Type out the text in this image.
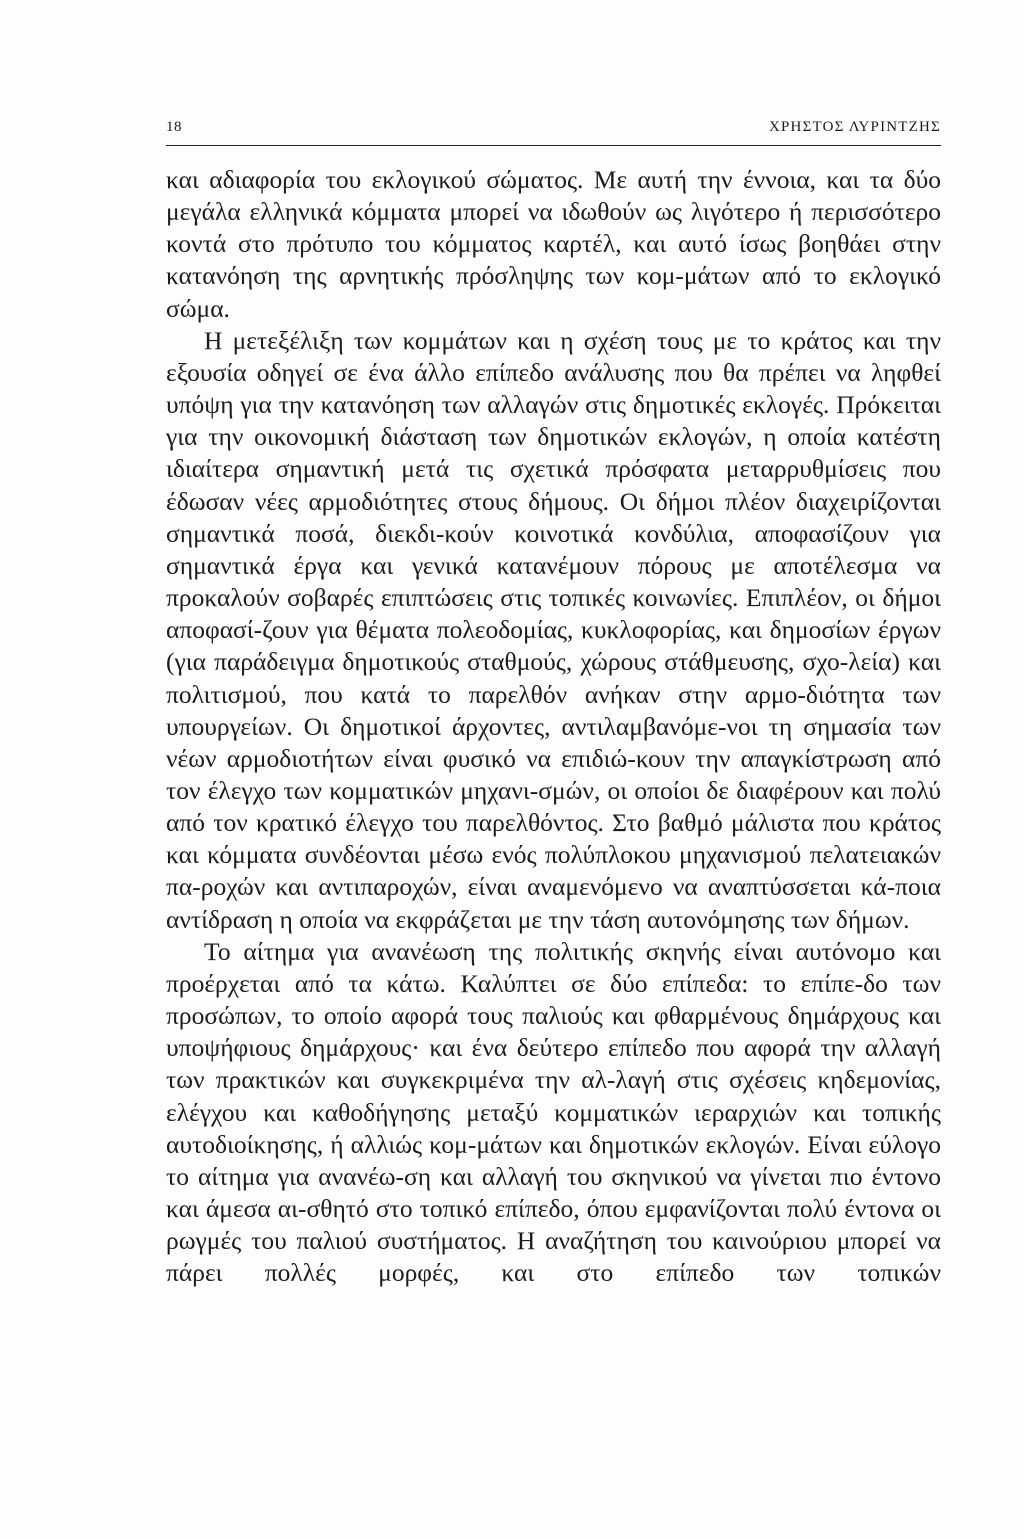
18	ΧΡΗΣΤΟΣ ΛΥΡΙΝΤΖΗΣ

και αδιαφορία του εκλογικού σώματος. Με αυτή την έννοια, και τα δύο μεγάλα ελληνικά κόμματα μπορεί να ιδωθούν ως λιγότερο ή περισσότερο κοντά στο πρότυπο του κόμματος καρτέλ, και αυτό ίσως βοηθάει στην κατανόηση της αρνητικής πρόσληψης των κομ-μάτων από το εκλογικό σώμα.

Η μετεξέλιξη των κομμάτων και η σχέση τους με το κράτος και την εξουσία οδηγεί σε ένα άλλο επίπεδο ανάλυσης που θα πρέπει να ληφθεί υπόψη για την κατανόηση των αλλαγών στις δημοτικές εκλογές. Πρόκειται για την οικονομική διάσταση των δημοτικών εκλογών, η οποία κατέστη ιδιαίτερα σημαντική μετά τις σχετικά πρόσφατα μεταρρυθμίσεις που έδωσαν νέες αρμοδιότητες στους δήμους. Οι δήμοι πλέον διαχειρίζονται σημαντικά ποσά, διεκδι-κούν κοινοτικά κονδύλια, αποφασίζουν για σημαντικά έργα και γενικά κατανέμουν πόρους με αποτέλεσμα να προκαλούν σοβαρές επιπτώσεις στις τοπικές κοινωνίες. Επιπλέον, οι δήμοι αποφασί-ζουν για θέματα πολεοδομίας, κυκλοφορίας, και δημοσίων έργων (για παράδειγμα δημοτικούς σταθμούς, χώρους στάθμευσης, σχο-λεία) και πολιτισμού, που κατά το παρελθόν ανήκαν στην αρμο-διότητα των υπουργείων. Οι δημοτικοί άρχοντες, αντιλαμβανόμε-νοι τη σημασία των νέων αρμοδιοτήτων είναι φυσικό να επιδιώ-κουν την απαγκίστρωση από τον έλεγχο των κομματικών μηχανι-σμών, οι οποίοι δε διαφέρουν και πολύ από τον κρατικό έλεγχο του παρελθόντος. Στο βαθμό μάλιστα που κράτος και κόμματα συνδέονται μέσω ενός πολύπλοκου μηχανισμού πελατειακών πα-ροχών και αντιπαροχών, είναι αναμενόμενο να αναπτύσσεται κά-ποια αντίδραση η οποία να εκφράζεται με την τάση αυτονόμησης των δήμων.

Το αίτημα για ανανέωση της πολιτικής σκηνής είναι αυτόνομο και προέρχεται από τα κάτω. Καλύπτει σε δύο επίπεδα: το επίπε-δο των προσώπων, το οποίο αφορά τους παλιούς και φθαρμένους δημάρχους και υποψήφιους δημάρχους· και ένα δεύτερο επίπεδο που αφορά την αλλαγή των πρακτικών και συγκεκριμένα την αλ-λαγή στις σχέσεις κηδεμονίας, ελέγχου και καθοδήγησης μεταξύ κομματικών ιεραρχιών και τοπικής αυτοδιοίκησης, ή αλλιώς κομ-μάτων και δημοτικών εκλογών. Είναι εύλογο το αίτημα για ανανέω-ση και αλλαγή του σκηνικού να γίνεται πιο έντονο και άμεσα αι-σθητό στο τοπικό επίπεδο, όπου εμφανίζονται πολύ έντονα οι ρωγμές του παλιού συστήματος. Η αναζήτηση του καινούριου μπορεί να πάρει πολλές μορφές, και στο επίπεδο των τοπικών
